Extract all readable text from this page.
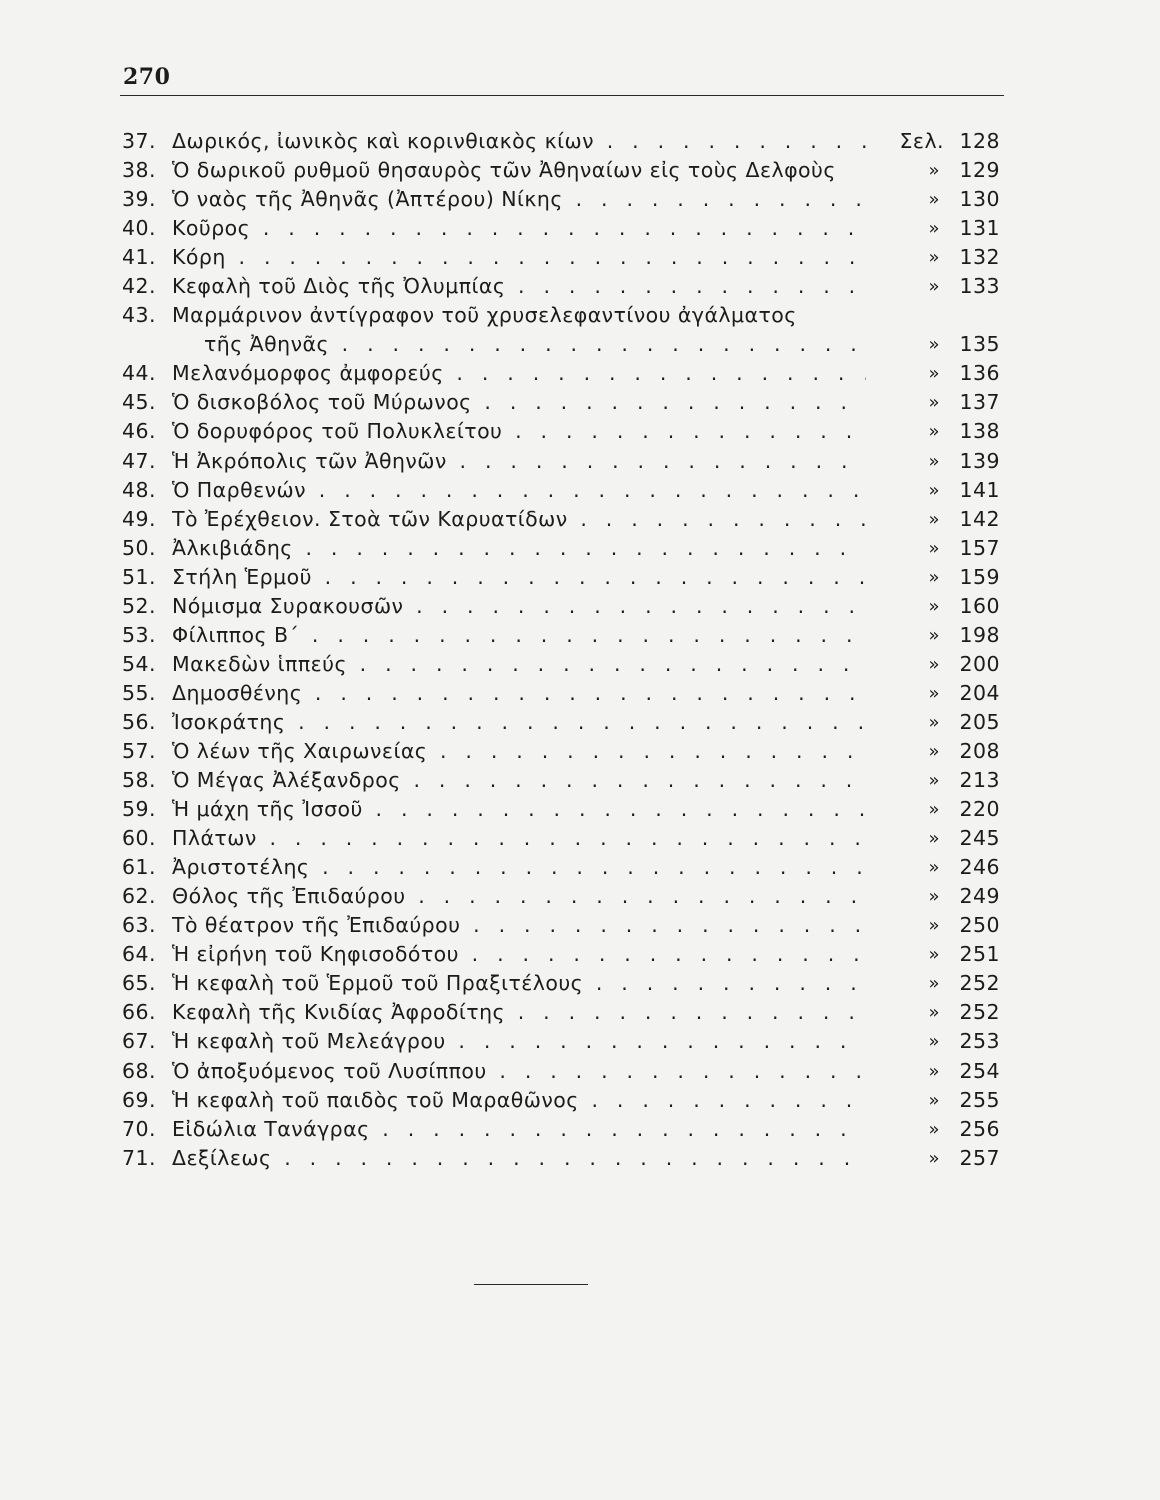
270
37. Δωρικός, ἰωνικὸς καὶ κορινθιακὸς κίων . . .	Σελ. 128
38. Ὁ δωρικοῦ ρυθμοῦ θησαυρὸς τῶν Ἀθηναίων εἰς τοὺς Δελφοὺς	» 129
39. Ὁ ναὸς τῆς Ἀθηνᾶς (Ἀπτέρου) Νίκης . . .	» 130
40. Κοῦρος . . .	» 131
41. Κόρη . . .	» 132
42. Κεφαλὴ τοῦ Διὸς τῆς Ὀλυμπίας . . .	» 133
43. Μαρμάρινον ἀντίγραφον τοῦ χρυσελεφαντίνου ἀγάλματος
τῆς Ἀθηνᾶς . . .	» 135
44. Μελανόμορφος ἀμφορεύς . . .	» 136
45. Ὁ δισκοβόλος τοῦ Μύρωνος . . .	» 137
46. Ὁ δορυφόρος τοῦ Πολυκλείτου . . .	» 138
47. Ἡ Ἀκρόπολις τῶν Ἀθηνῶν . . .	» 139
48. Ὁ Παρθενών . . .	» 141
49. Τὸ Ἐρέχθειον. Στοὰ τῶν Καρυατίδων . . .	» 142
50. Ἀλκιβιάδης . . .	» 157
51. Στήλη Ἑρμοῦ . . .	» 159
52. Νόμισμα Συρακουσῶν . . .	» 160
53. Φίλιππος Β΄ . . .	» 198
54. Μακεδὼν ἱππεύς . . .	» 200
55. Δημοσθένης . . .	» 204
56. Ἰσοκράτης . . .	» 205
57. Ὁ λέων τῆς Χαιρωνείας . . .	» 208
58. Ὁ Μέγας Ἀλέξανδρος . . .	» 213
59. Ἡ μάχη τῆς Ἰσσοῦ . . .	» 220
60. Πλάτων . . .	» 245
61. Ἀριστοτέλης . . .	» 246
62. Θόλος τῆς Ἐπιδαύρου . . .	» 249
63. Τὸ θέατρον τῆς Ἐπιδαύρου . . .	» 250
64. Ἡ εἰρήνη τοῦ Κηφισοδότου . . .	» 251
65. Ἡ κεφαλὴ τοῦ Ἑρμοῦ τοῦ Πραξιτέλους . . .	» 252
66. Κεφαλὴ τῆς Κνιδίας Ἀφροδίτης . . .	» 252
67. Ἡ κεφαλὴ τοῦ Μελεάγρου . . .	» 253
68. Ὁ ἀποξυόμενος τοῦ Λυσίππου . . .	» 254
69. Ἡ κεφαλὴ τοῦ παιδὸς τοῦ Μαραθῶνος . . .	» 255
70. Εἰδώλια Τανάγρας . . .	» 256
71. Δεξίλεως . . .	» 257
